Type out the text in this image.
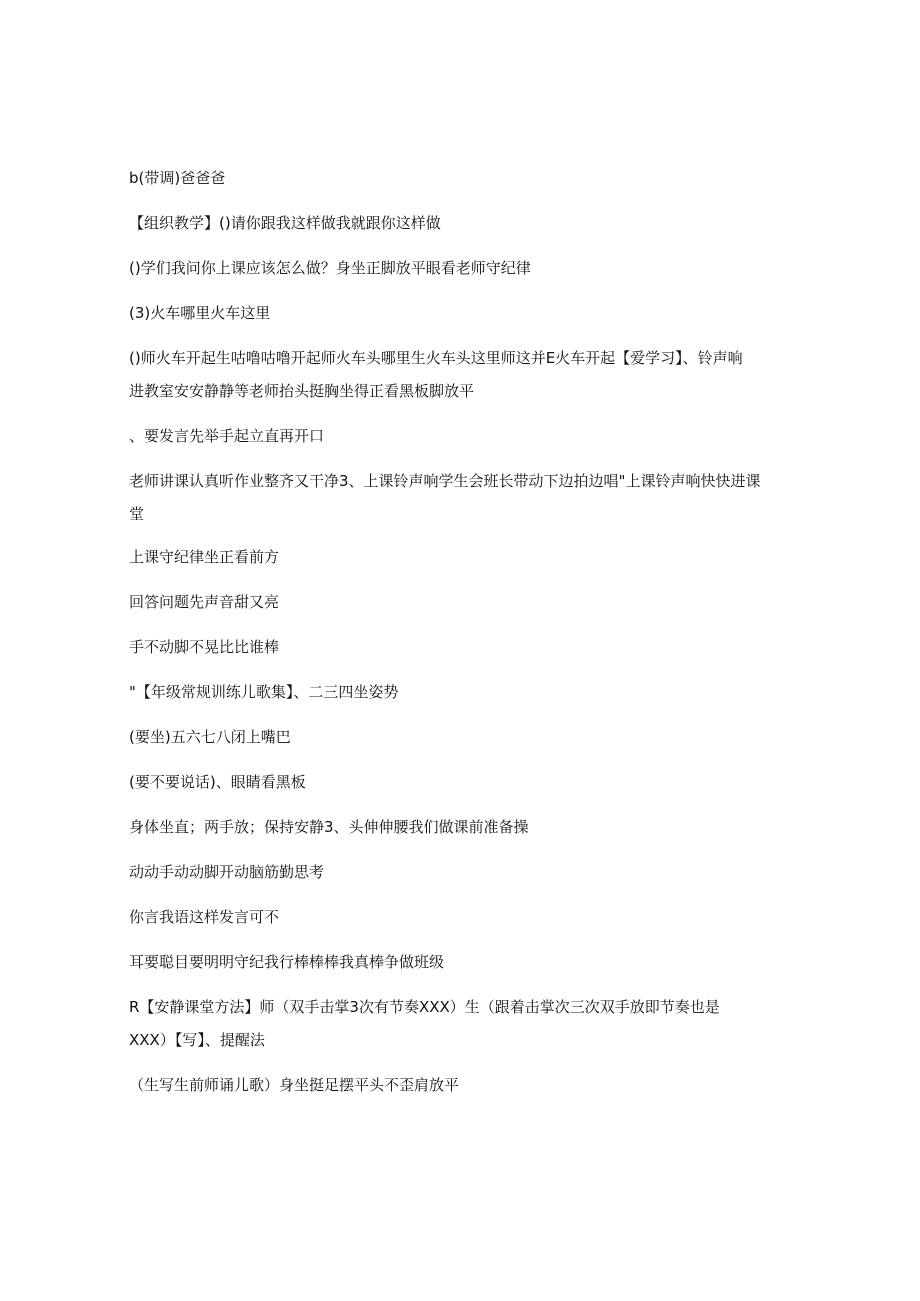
b(带调)爸爸爸
【组织教学】()请你跟我这样做我就跟你这样做
()学们我问你上课应该怎么做？身坐正脚放平眼看老师守纪律
(3)火车哪里火车这里
()师火车开起生咕噜咕噜开起师火车头哪里生火车头这里师这并E火车开起【爱学习】、铃声响
进教室安安静静等老师抬头挺胸坐得正看黑板脚放平
、要发言先举手起立直再开口
老师讲课认真听作业整齐又干净3、上课铃声响学生会班长带动下边拍边唱"上课铃声响快快进课
堂
上课守纪律坐正看前方
回答问题先声音甜又亮
手不动脚不晃比比谁棒
"【年级常规训练儿歌集】、二三四坐姿势
(要坐)五六七八闭上嘴巴
(要不要说话)、眼睛看黑板
身体坐直；两手放；保持安静3、头伸伸腰我们做课前准备操
动动手动动脚开动脑筋勤思考
你言我语这样发言可不
耳要聪目要明明守纪我行棒棒棒我真棒争做班级
R【安静课堂方法】师（双手击掌3次有节奏XXX）生（跟着击掌次三次双手放即节奏也是
XXX）【写】、提醒法
（生写生前师诵儿歌）身坐挺足摆平头不歪肩放平
